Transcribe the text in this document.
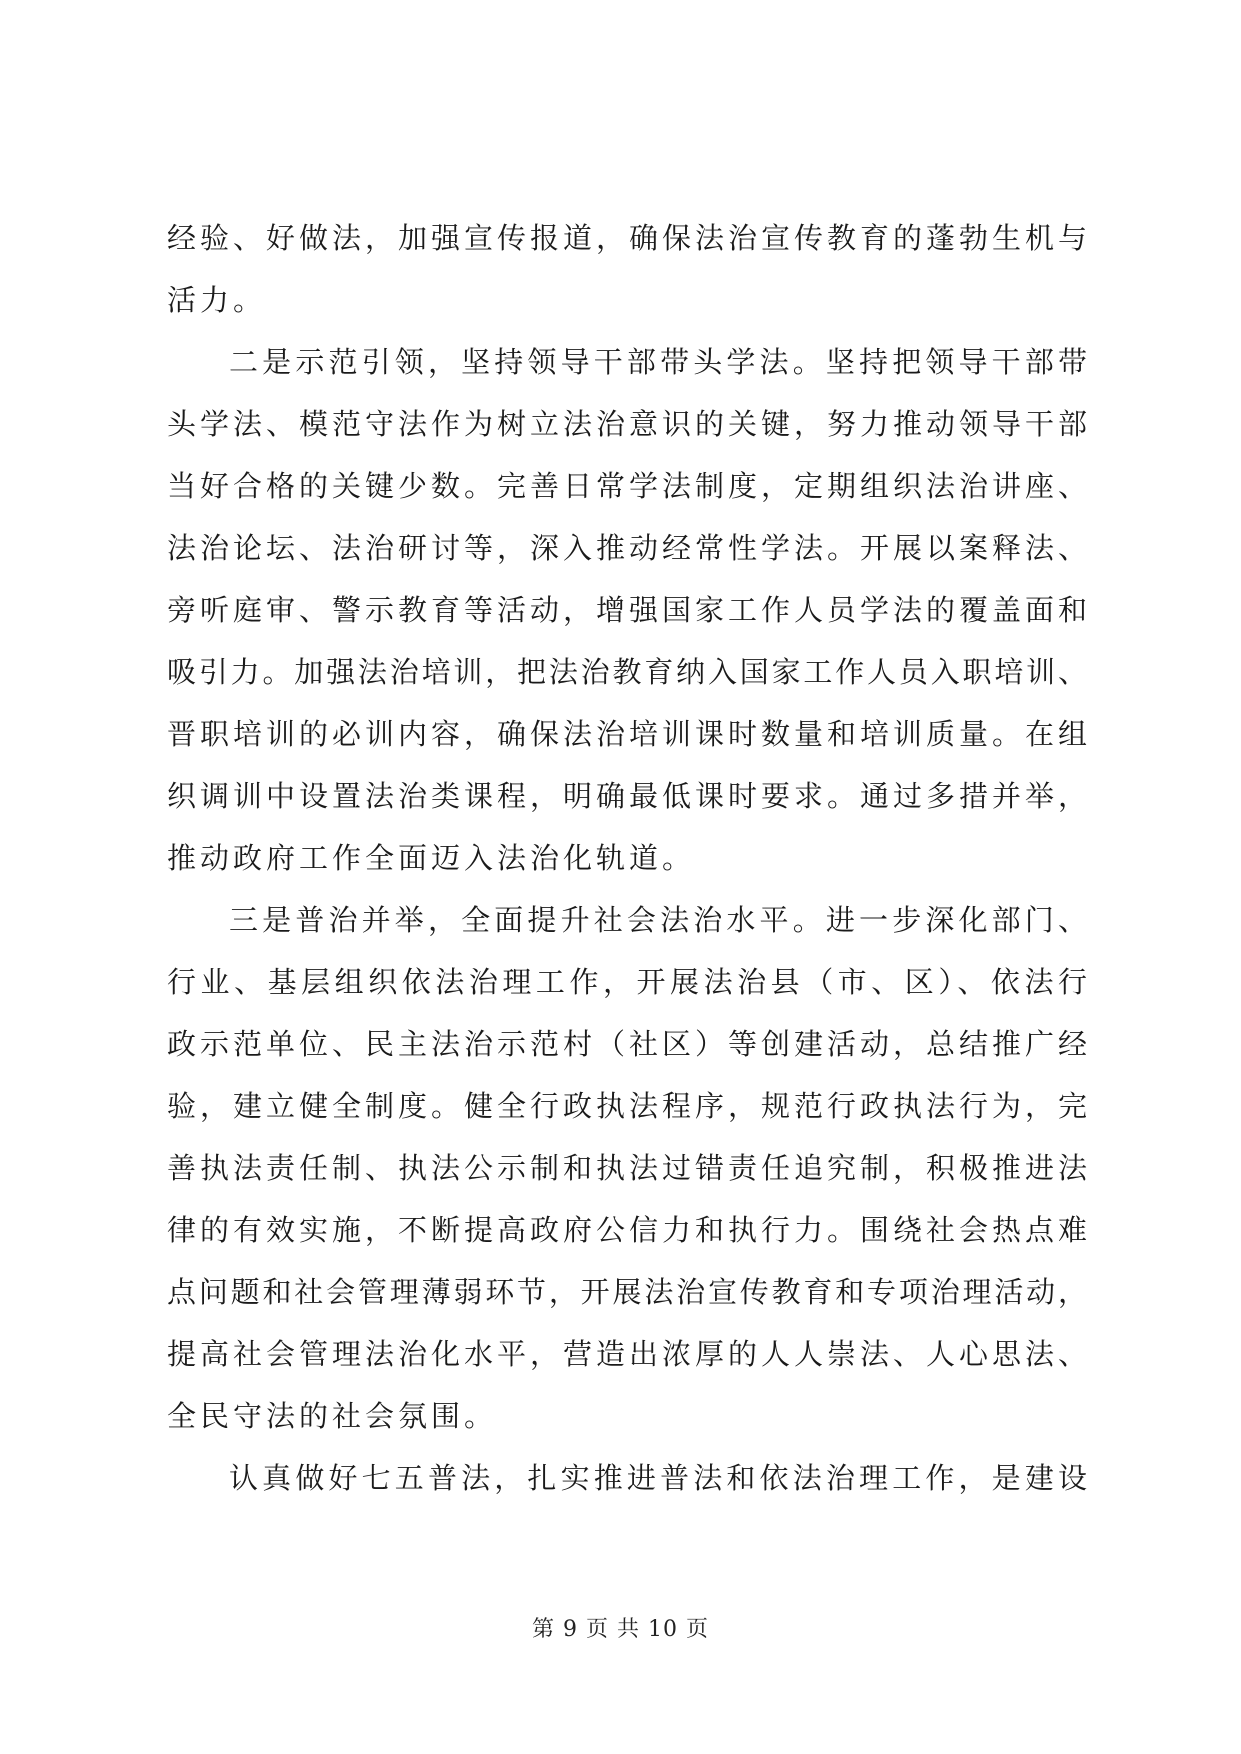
经验、好做法，加强宣传报道，确保法治宣传教育的蓬勃生机与
活力。
二是示范引领，坚持领导干部带头学法。坚持把领导干部带
头学法、模范守法作为树立法治意识的关键，努力推动领导干部
当好合格的关键少数。完善日常学法制度，定期组织法治讲座、
法治论坛、法治研讨等，深入推动经常性学法。开展以案释法、
旁听庭审、警示教育等活动，增强国家工作人员学法的覆盖面和
吸引力。加强法治培训，把法治教育纳入国家工作人员入职培训、
晋职培训的必训内容，确保法治培训课时数量和培训质量。在组
织调训中设置法治类课程，明确最低课时要求。通过多措并举，
推动政府工作全面迈入法治化轨道。
三是普治并举，全面提升社会法治水平。进一步深化部门、
行业、基层组织依法治理工作，开展法治县（市、区）、依法行
政示范单位、民主法治示范村（社区）等创建活动，总结推广经
验，建立健全制度。健全行政执法程序，规范行政执法行为，完
善执法责任制、执法公示制和执法过错责任追究制，积极推进法
律的有效实施，不断提高政府公信力和执行力。围绕社会热点难
点问题和社会管理薄弱环节，开展法治宣传教育和专项治理活动，
提高社会管理法治化水平，营造出浓厚的人人崇法、人心思法、
全民守法的社会氛围。
认真做好七五普法，扎实推进普法和依法治理工作，是建设
第 9 页 共 10 页
